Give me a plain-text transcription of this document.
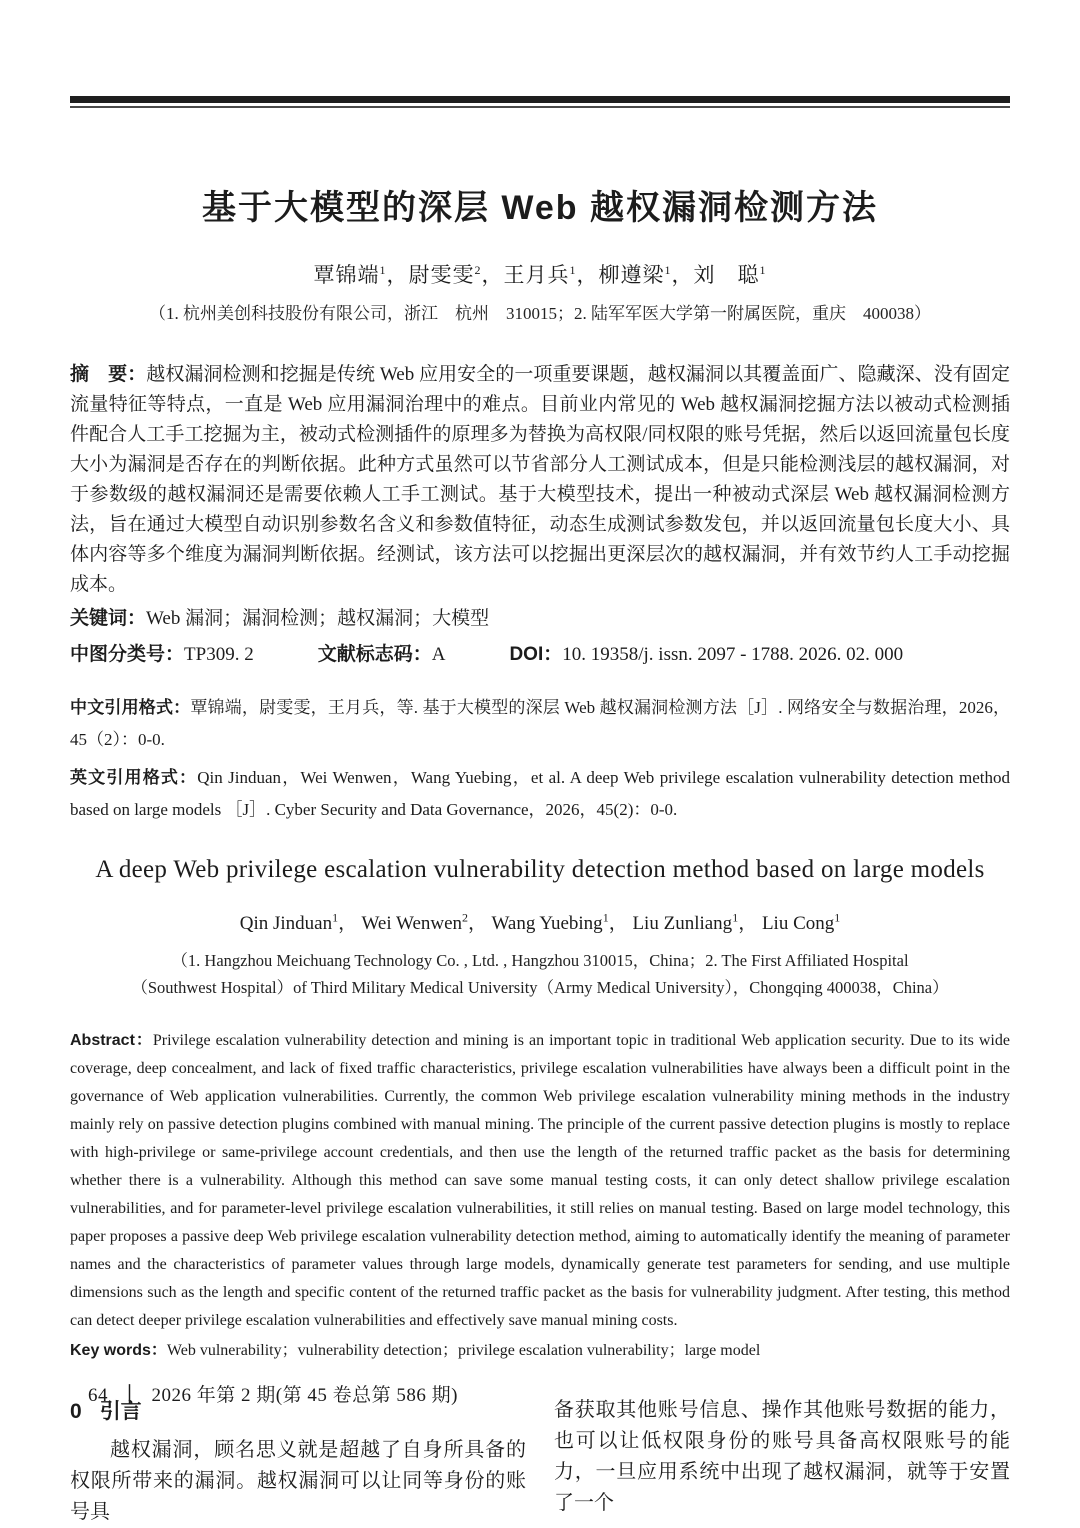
基于大模型的深层 Web 越权漏洞检测方法
覃锦端$^1$，尉雯雯$^2$，王月兵$^1$，柳遵梁$^1$，刘　聪$^1$
（1. 杭州美创科技股份有限公司，浙江　杭州　310015；2. 陆军军医大学第一附属医院，重庆　400038）

摘　要：越权漏洞检测和挖掘是传统 Web 应用安全的一项重要课题，越权漏洞以其覆盖面广、隐藏深、没有固定流量特征等特点，一直是 Web 应用漏洞治理中的难点。目前业内常见的 Web 越权漏洞挖掘方法以被动式检测插件配合人工手工挖掘为主，被动式检测插件的原理多为替换为高权限/同权限的账号凭据，然后以返回流量包长度大小为漏洞是否存在的判断依据。此种方式虽然可以节省部分人工测试成本，但是只能检测浅层的越权漏洞，对于参数级的越权漏洞还是需要依赖人工手工测试。基于大模型技术，提出一种被动式深层 Web 越权漏洞检测方法，旨在通过大模型自动识别参数名含义和参数值特征，动态生成测试参数发包，并以返回流量包长度大小、具体内容等多个维度为漏洞判断依据。经测试，该方法可以挖掘出更深层次的越权漏洞，并有效节约人工手动挖掘成本。

关键词：Web 漏洞；漏洞检测；越权漏洞；大模型

中图分类号：TP309. 2	文献标志码：A	DOI：10. 19358/j. issn. 2097 - 1788. 2026. 02. 000

中文引用格式：覃锦端，尉雯雯，王月兵，等. 基于大模型的深层 Web 越权漏洞检测方法［J］. 网络安全与数据治理，2026，45（2）：0-0.

英文引用格式：Qin Jinduan，Wei Wenwen，Wang Yuebing，et al. A deep Web privilege escalation vulnerability detection method based on large models ［J］. Cyber Security and Data Governance，2026，45(2)：0-0.

A deep Web privilege escalation vulnerability detection method based on large models
Qin Jinduan$^1$， Wei Wenwen$^2$， Wang Yuebing$^1$， Liu Zunliang$^1$， Liu Cong$^1$
（1. Hangzhou Meichuang Technology Co. , Ltd. , Hangzhou 310015，China；2. The First Affiliated Hospital
（Southwest Hospital）of Third Military Medical University（Army Medical University），Chongqing 400038，China）

Abstract：Privilege escalation vulnerability detection and mining is an important topic in traditional Web application security. Due to its wide coverage, deep concealment, and lack of fixed traffic characteristics, privilege escalation vulnerabilities have always been a difficult point in the governance of Web application vulnerabilities. Currently, the common Web privilege escalation vulnerability mining methods in the industry mainly rely on passive detection plugins combined with manual mining. The principle of the current passive detection plugins is mostly to replace with high-privilege or same-privilege account credentials, and then use the length of the returned traffic packet as the basis for determining whether there is a vulnerability. Although this method can save some manual testing costs, it can only detect shallow privilege escalation vulnerabilities, and for parameter-level privilege escalation vulnerabilities, it still relies on manual testing. Based on large model technology, this paper proposes a passive deep Web privilege escalation vulnerability detection method, aiming to automatically identify the meaning of parameter names and the characteristics of parameter values through large models, dynamically generate test parameters for sending, and use multiple dimensions such as the length and specific content of the returned traffic packet as the basis for vulnerability judgment. After testing, this method can detect deeper privilege escalation vulnerabilities and effectively save manual mining costs.

Key words：Web vulnerability；vulnerability detection；privilege escalation vulnerability；large model

0 引言

越权漏洞，顾名思义就是超越了自身所具备的权限所带来的漏洞。越权漏洞可以让同等身份的账号具

备获取其他账号信息、操作其他账号数据的能力，也可以让低权限身份的账号具备高权限账号的能力，一旦应用系统中出现了越权漏洞，就等于安置了一个

64 ｜ 2026 年第 2 期(第 45 卷总第 586 期)
